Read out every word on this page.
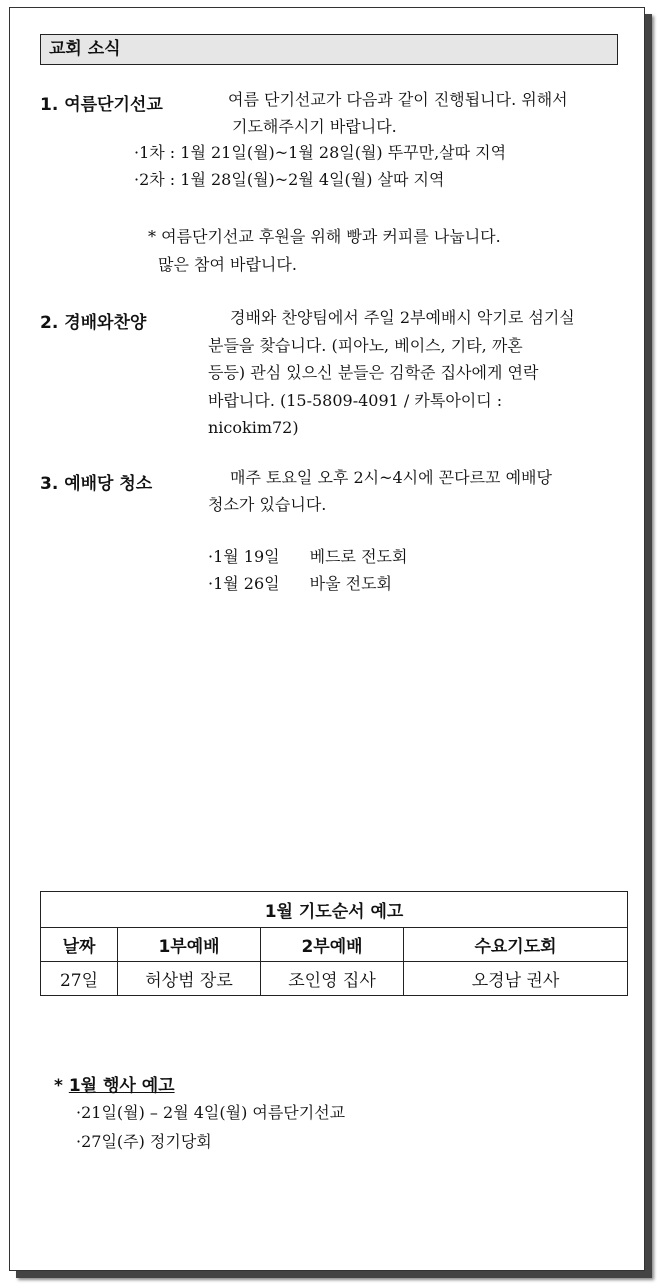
교회 소식
1. 여름단기선교	여름 단기선교가 다음과 같이 진행됩니다. 위해서
기도해주시기 바랍니다.
·1차 : 1월 21일(월)~1월 28일(월) 뚜꾸만,살따 지역
·2차 : 1월 28일(월)~2월 4일(월) 살따 지역
* 여름단기선교 후원을 위해 빵과 커피를 나눕니다.
많은 참여 바랍니다.
2. 경배와찬양	경배와 찬양팀에서 주일 2부예배시 악기로 섬기실
분들을 찾습니다. (피아노, 베이스, 기타, 까혼
등등) 관심 있으신 분들은 김학준 집사에게 연락
바랍니다. (15-5809-4091 / 카톡아이디 :
nicokim72)
3. 예배당 청소	매주 토요일 오후 2시~4시에 꼰다르꼬 예배당
청소가 있습니다.
·1월 19일 베드로 전도회
·1월 26일 바울 전도회
1월 기도순서 예고			
날짜	1부예배	2부예배	수요기도회
27일	허상범 장로	조인영 집사	오경남 권사
* 1월 행사 예고
·21일(월) – 2월 4일(월) 여름단기선교
·27일(주) 정기당회
